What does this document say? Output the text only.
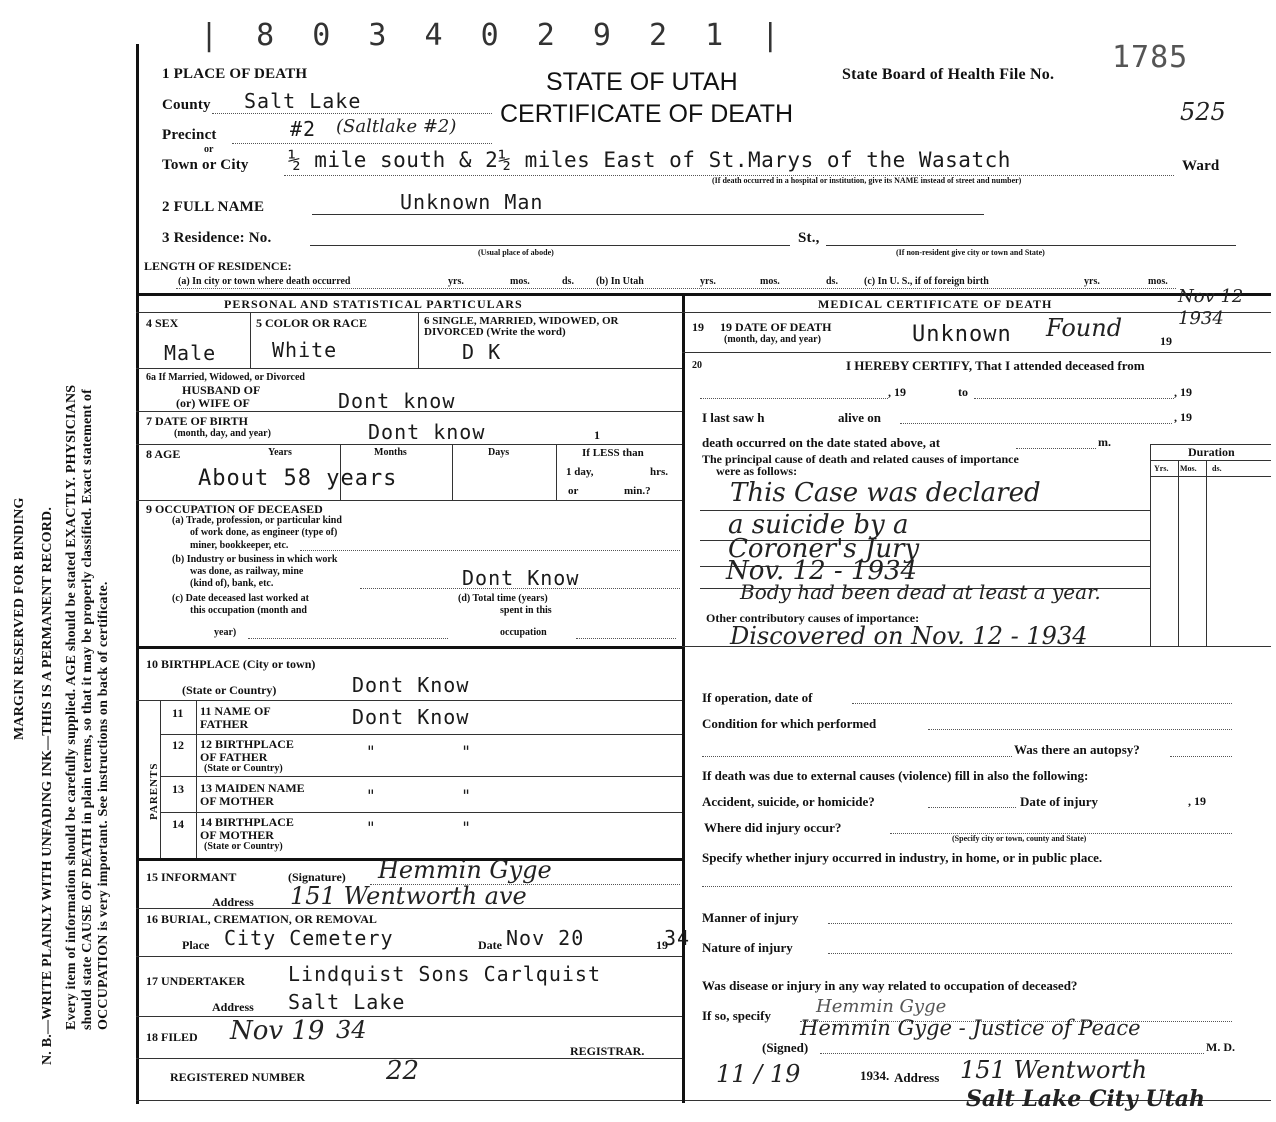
| 8 0 3 4 0 2 9 2 1 |
MARGIN RESERVED FOR BINDING N. B.—WRITE PLAINLY WITH UNFADING INK—THIS IS A PERMANENT RECORD. Every item of information should be carefully supplied. AGE should be stated EXACTLY. PHYSICIANS should state CAUSE OF DEATH in plain terms, so that it may be properly classified. Exact statement of OCCUPATION is very important. See instructions on back of certificate.
STATE OF UTAH
CERTIFICATE OF DEATH
State Board of Health File No. 1785
525
1 PLACE OF DEATH
County Salt Lake
Precinct	#2 (Saltlake #2)
or
Town or City ½ mile south & 2½ miles East of St.Marys of the Wasatch	Ward
(If death occurred in a hospital or institution, give its NAME instead of street and number)
2 FULL NAME	Unknown Man
3 Residence: No.	St.,
(Usual place of abode)	(If non-resident give city or town and State)
LENGTH OF RESIDENCE:
(a) In city or town where death occurred	yrs.	mos.	ds. (b) In Utah	yrs.	mos.	ds.	(c) In U. S., if of foreign birth	yrs.	mos.
PERSONAL AND STATISTICAL PARTICULARS	MEDICAL CERTIFICATE OF DEATH
4 SEX
Male
5 COLOR OR RACE
White
6 SINGLE, MARRIED, WIDOWED, OR DIVORCED (Write the word)
D K
6a If Married, Widowed, or Divorced
HUSBAND OF
(or) WIFE OF	Dont know
7 DATE OF BIRTH
(month, day, and year)	Dont know	1
8 AGE	Years	Months	Days	If LESS than
1 day,	hrs.
or	min.?
About 58 years
9 OCCUPATION OF DECEASED
(a) Trade, profession, or particular kind
of work done, as engineer (type of)
miner, bookkeeper, etc.
(b) Industry or business in which work
was done, as railway, mine
(kind of), bank, etc.	Dont Know
(c) Date deceased last worked at
this occupation (month and
year)
(d) Total time (years)
spent in this
occupation
10 BIRTHPLACE (City or town)
(State or Country)	Dont Know
PARENTS
11 11 NAME OF
FATHER	Dont Know
12 12 BIRTHPLACE
OF FATHER
(State or Country)
" "
13 13 MAIDEN NAME
OF MOTHER	" "
14 14 BIRTHPLACE
OF MOTHER
(State or Country)
" "
15 INFORMANT	(Signature) Hemmin Gyge
Address 151 Wentworth ave
16 BURIAL, CREMATION, OR REMOVAL
Place City Cemetery	Date Nov 20	19
34
17 UNDERTAKER Lindquist Sons Carlquist
Address Salt Lake
18 FILED Nov 19 34
REGISTRAR.
REGISTERED NUMBER	22
19 19 DATE OF DEATH
(month, day, and year)	Unknown Found	19
Nov 12 1934
20	I HEREBY CERTIFY, That I attended deceased from
, 19	to	, 19
I last saw h	alive on	, 19
death occurred on the date stated above, at	m.
The principal cause of death and related causes of importance
were as follows:
Duration
Yrs. Mos. ds.
This Case was declared
a suicide by a
Coroner's Jury
Nov. 12 - 1934
Body had been dead at least a year.
Other contributory causes of importance:
Discovered on Nov. 12 - 1934
If operation, date of
Condition for which performed
Was there an autopsy?
If death was due to external causes (violence) fill in also the following:
Accident, suicide, or homicide?	Date of injury	, 19
Where did injury occur?
(Specify city or town, county and State)
Specify whether injury occurred in industry, in home, or in public place.
Manner of injury
Nature of injury
Was disease or injury in any way related to occupation of deceased?
If so, specify	Hemmin Gyge
(Signed)
Hemmin Gyge - Justice of Peace
M. D.
11 / 19	1934. Address 151 Wentworth
Salt Lake City Utah
